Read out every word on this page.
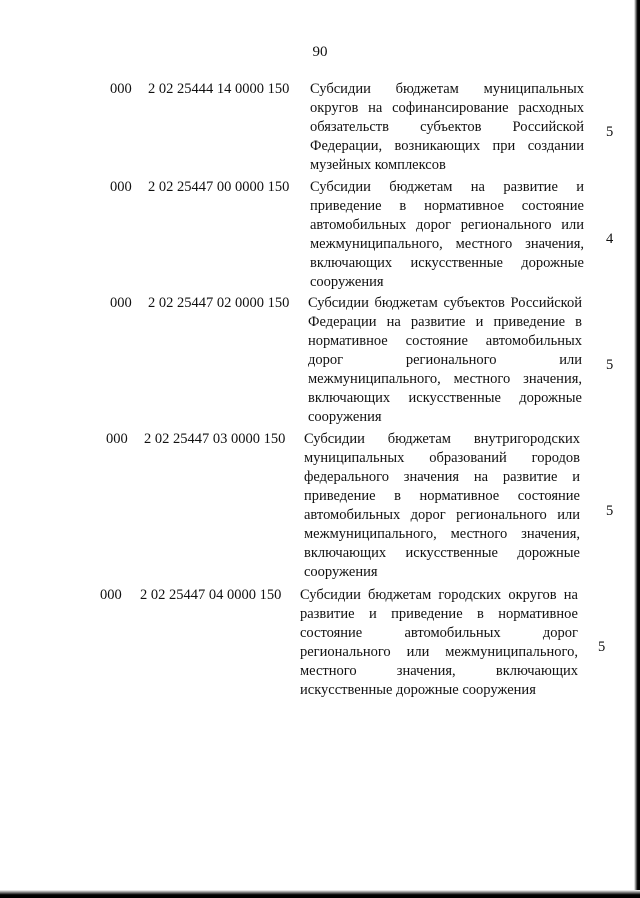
90
000 2 02 25444 14 0000 150 Субсидии бюджетам муниципальных округов на софинансирование расходных обязательств субъектов Российской Федерации, возникающих при создании музейных комплексов
5
000 2 02 25447 00 0000 150 Субсидии бюджетам на развитие и приведение в нормативное состояние автомобильных дорог регионального или межмуниципального, местного значения, включающих искусственные дорожные сооружения
4
000 2 02 25447 02 0000 150 Субсидии бюджетам субъектов Российской Федерации на развитие и приведение в нормативное состояние автомобильных дорог регионального или межмуниципального, местного значения, включающих искусственные дорожные сооружения
5
000 2 02 25447 03 0000 150 Субсидии бюджетам внутригородских муниципальных образований городов федерального значения на развитие и приведение в нормативное состояние автомобильных дорог регионального или межмуниципального, местного значения, включающих искусственные дорожные сооружения
5
000 2 02 25447 04 0000 150 Субсидии бюджетам городских округов на развитие и приведение в нормативное состояние автомобильных дорог регионального или межмуниципального, местного значения, включающих искусственные дорожные сооружения
5
